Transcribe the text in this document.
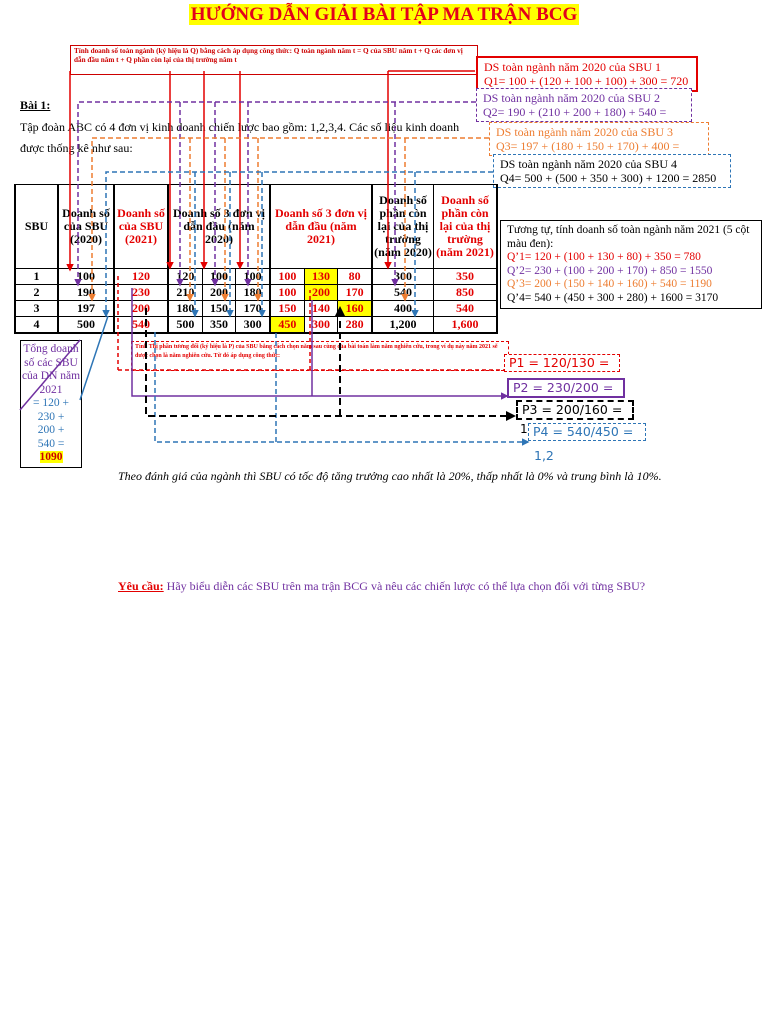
HƯỚNG DẪN GIẢI BÀI TẬP MA TRẬN BCG
Tính doanh số toàn ngành (ký hiệu là Q) bằng cách áp dụng công thức: Q toàn ngành năm t = Q của SBU năm t + Q các đơn vị dẫn đầu năm t + Q phần còn lại của thị trường năm t	DS toàn ngành năm 2020 của SBU 1
Q1= 100 + (120 + 100 + 100) + 300 = 720
DS toàn ngành năm 2020 của SBU 2
Q2= 190 + (210 + 200 + 180) + 540 =
DS toàn ngành năm 2020 của SBU 3
Q3= 197 + (180 + 150 + 170) + 400 =
DS toàn ngành năm 2020 của SBU 4
Q4= 500 + (500 + 350 + 300) + 1200 = 2850
Bài 1:
Tập đoàn ABC có 4 đơn vị kinh doanh chiến lược bao gồm: 1,2,3,4. Các số liệu kinh doanh được thống kê như sau:
SBU	Doanh số của SBU (2020)	Doanh số của SBU (2021)	Doanh số 3 đơn vị dẫn đầu (năm 2020)			Doanh số 3 đơn vị dẫn đầu (năm 2021)			Doanh số phần còn lại của thị trường (năm 2020)	Doanh số phần còn lại của thị trường (năm 2021)
1	100	120	120	100	100	100	130	80	300	350
2	190	230	210	200	180	100	200	170	540	850
3	197	200	180	150	170	150	140	160	400	540
4	500	540	500	350	300	450	300	280	1,200	1,600
Tương tự, tính doanh số toàn ngành năm 2021 (5 cột màu đen):
Q’1= 120 + (100 + 130 + 80) + 350 = 780
Q’2= 230 + (100 + 200 + 170) + 850 = 1550
Q’3= 200 + (150 + 140 + 160) + 540 = 1190
Q’4= 540 + (450 + 300 + 280) + 1600 = 3170
Tổng doanh số các SBU của DN năm 2021
= 120 +
230 +
200 +
540 =
1090
Tính Thị phần tương đối (ký hiệu là P) của SBU bằng cách chọn năm sau cùng của bài toán làm năm nghiên cứu, trong ví dụ này năm 2021 sẽ được chọn là năm nghiên cứu. Từ đó áp dụng công thức:	P1 = 120/130 =
P2 = 230/200 =
P3 = 200/160 =
1 P4 = 540/450 =
1,2
Theo đánh giá của ngành thì SBU có tốc độ tăng trưởng cao nhất là 20%, thấp nhất là 0% và trung bình là 10%.
Yêu cầu: Hãy biểu diễn các SBU trên ma trận BCG và nêu các chiến lược có thể lựa chọn đối với từng SBU?
